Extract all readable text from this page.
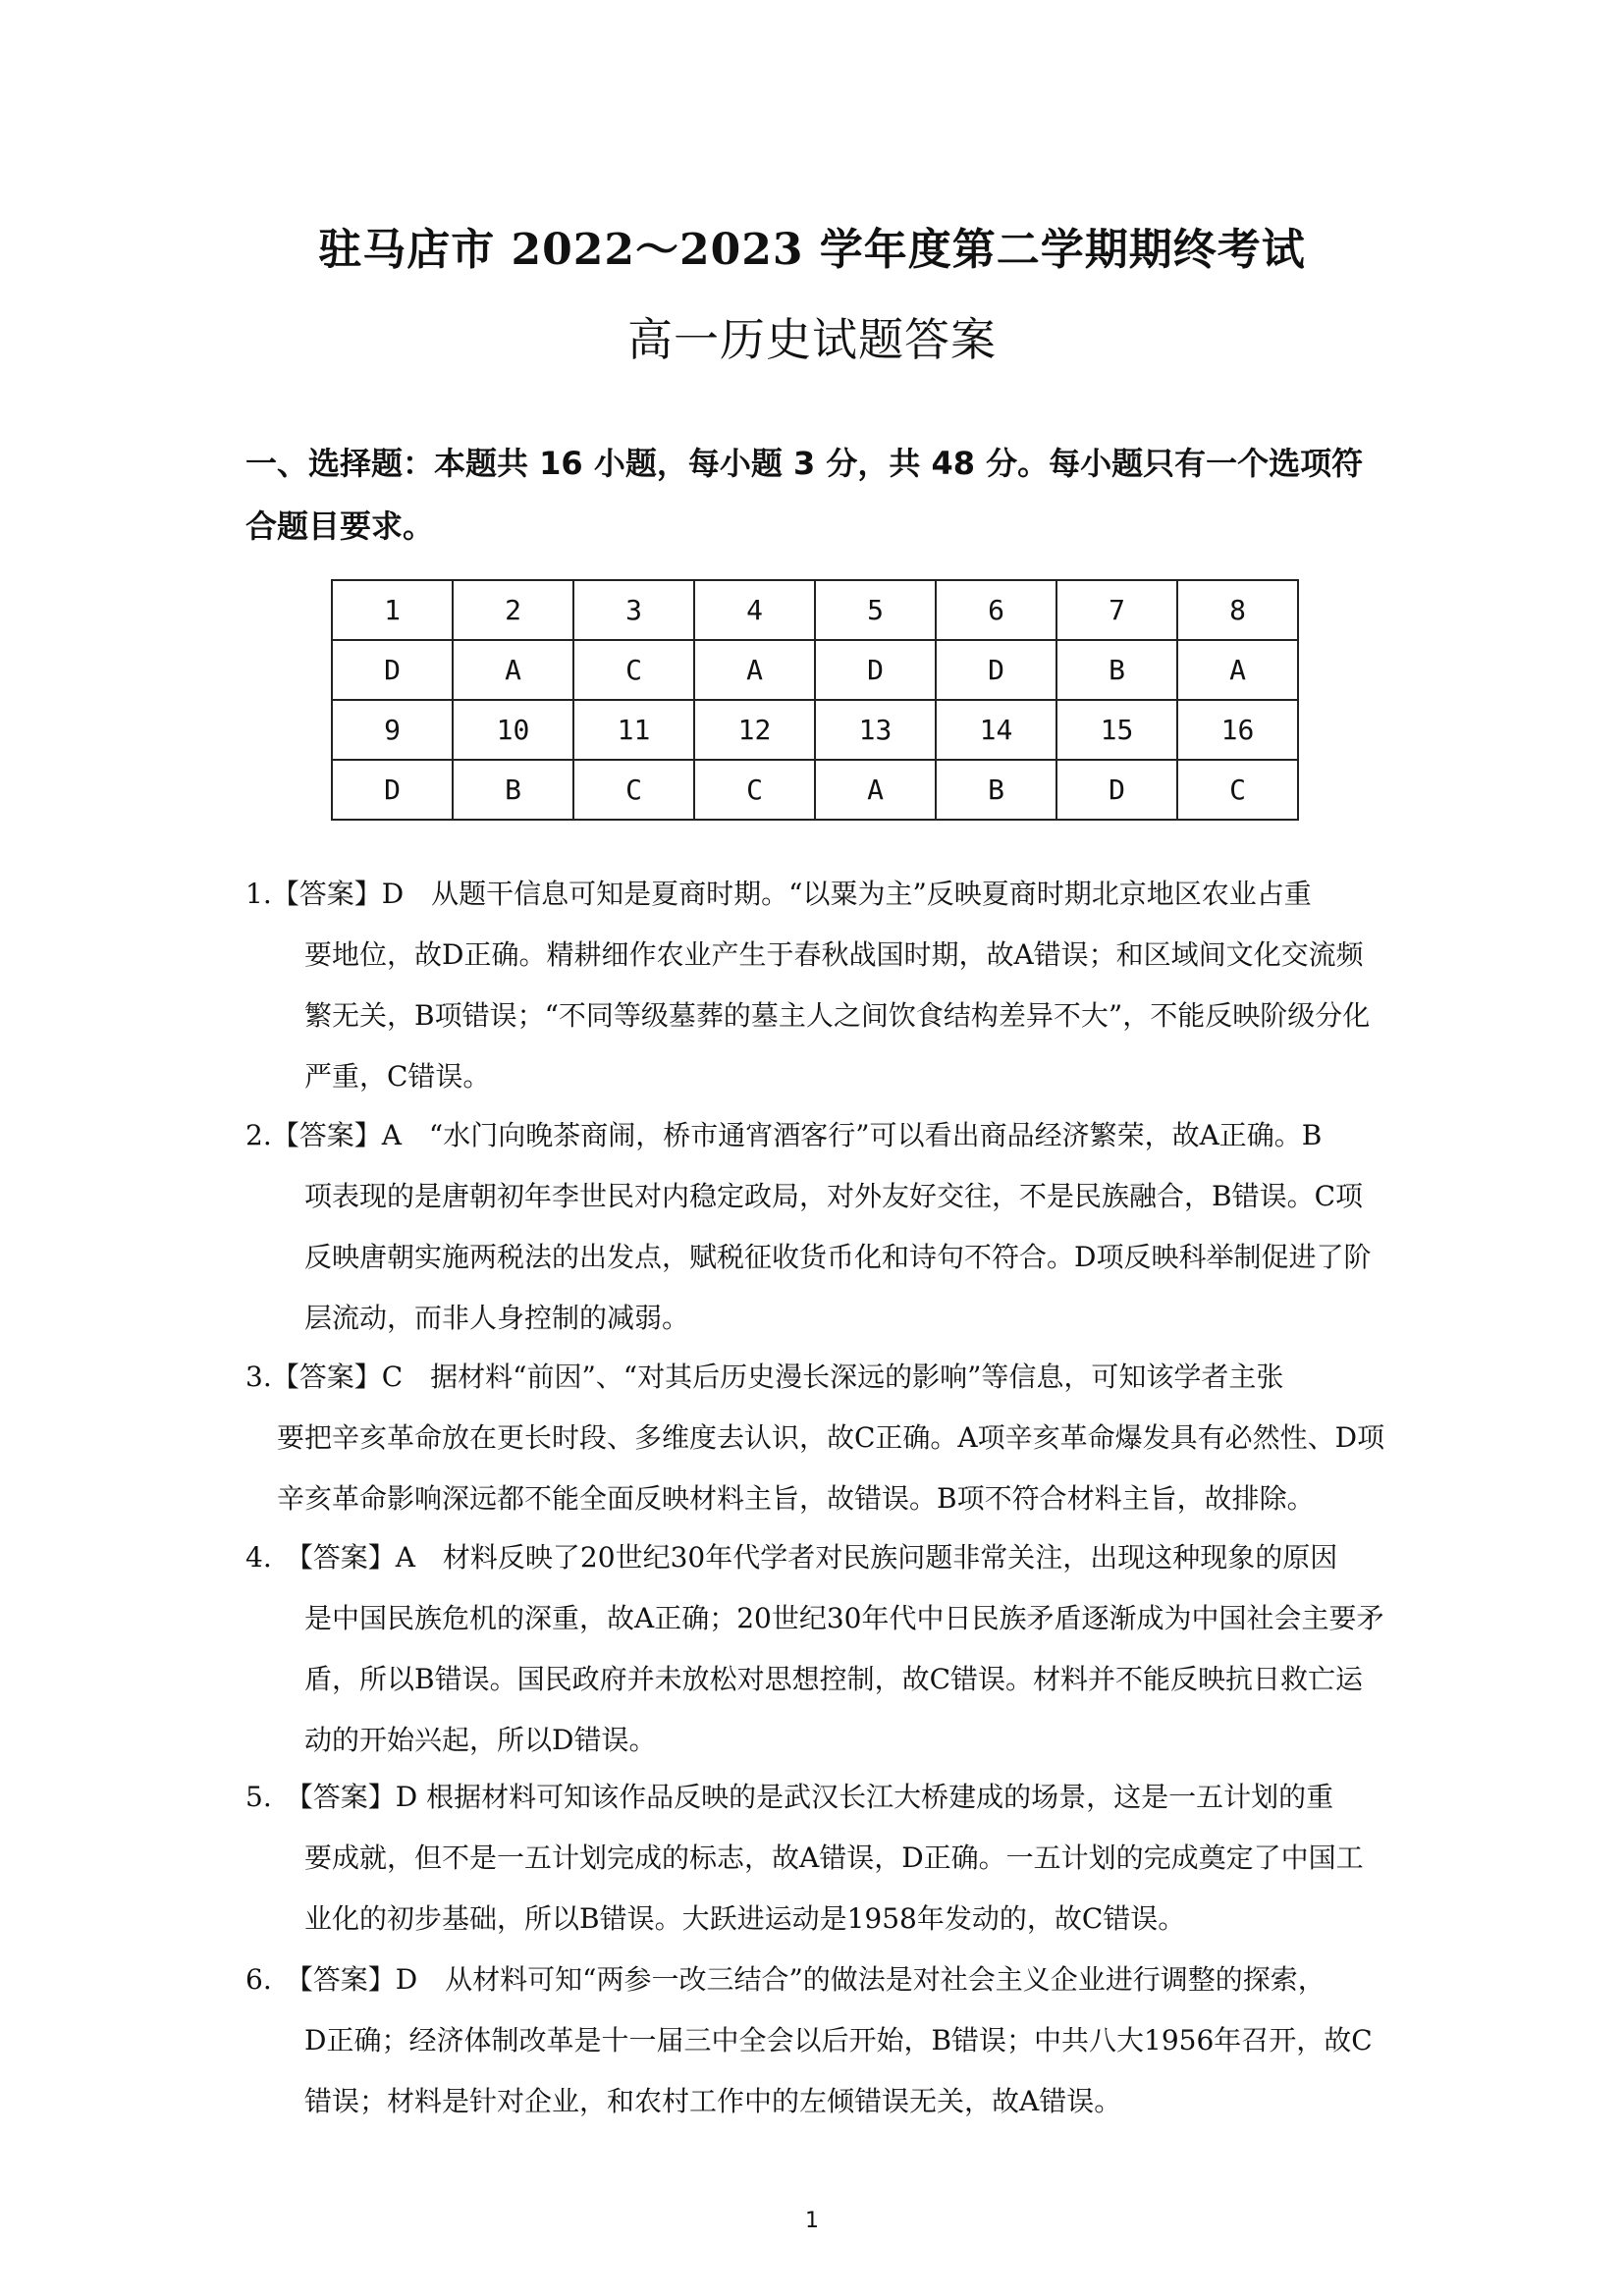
驻马店市 2022～2023 学年度第二学期期终考试
高一历史试题答案
一、选择题：本题共 16 小题，每小题 3 分，共 48 分。每小题只有一个选项符合题目要求。
1	2	3	4	5	6	7	8
D	A	C	A	D	D	B	A
9	10	11	12	13	14	15	16
D	B	C	C	A	B	D	C
1.【答案】D　从题干信息可知是夏商时期。“以粟为主”反映夏商时期北京地区农业占重
要地位，故D正确。精耕细作农业产生于春秋战国时期，故A错误；和区域间文化交流频繁无关，B项错误；“不同等级墓葬的墓主人之间饮食结构差异不大”，不能反映阶级分化严重，C错误。
2.【答案】A　“水门向晚茶商闹，桥市通宵酒客行”可以看出商品经济繁荣，故A正确。B
项表现的是唐朝初年李世民对内稳定政局，对外友好交往，不是民族融合，B错误。C项反映唐朝实施两税法的出发点，赋税征收货币化和诗句不符合。D项反映科举制促进了阶层流动，而非人身控制的减弱。
3.【答案】C　据材料“前因”、“对其后历史漫长深远的影响”等信息，可知该学者主张
要把辛亥革命放在更长时段、多维度去认识，故C正确。A项辛亥革命爆发具有必然性、D项辛亥革命影响深远都不能全面反映材料主旨，故错误。B项不符合材料主旨，故排除。
4.　【答案】A　材料反映了20世纪30年代学者对民族问题非常关注，出现这种现象的原因
是中国民族危机的深重，故A正确；20世纪30年代中日民族矛盾逐渐成为中国社会主要矛盾，所以B错误。国民政府并未放松对思想控制，故C错误。材料并不能反映抗日救亡运动的开始兴起，所以D错误。
5.　【答案】D 根据材料可知该作品反映的是武汉长江大桥建成的场景，这是一五计划的重
要成就，但不是一五计划完成的标志，故A错误，D正确。一五计划的完成奠定了中国工业化的初步基础，所以B错误。大跃进运动是1958年发动的，故C错误。
6.　【答案】D　从材料可知“两参一改三结合”的做法是对社会主义企业进行调整的探索，
D正确；经济体制改革是十一届三中全会以后开始，B错误；中共八大1956年召开，故C 错误；材料是针对企业，和农村工作中的左倾错误无关，故A错误。
1
